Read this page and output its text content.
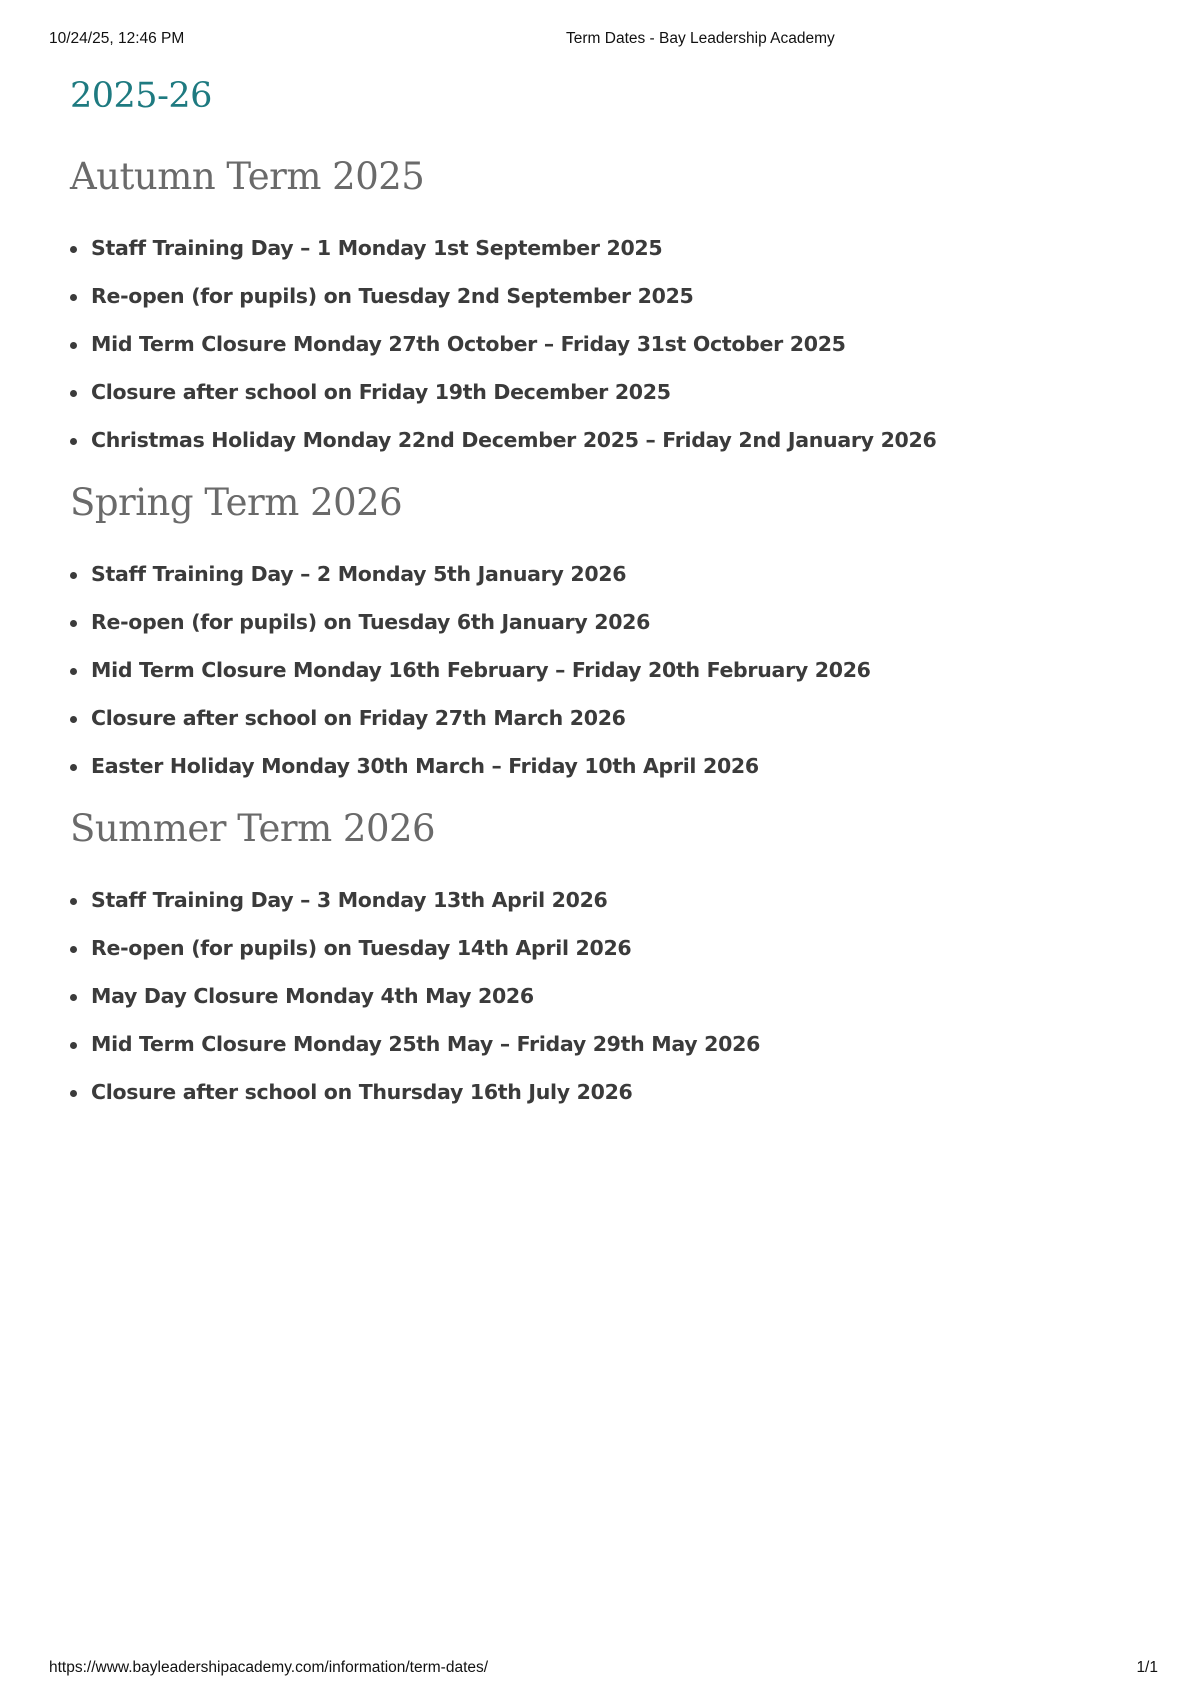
10/24/25, 12:46 PM	Term Dates - Bay Leadership Academy
2025-26
Autumn Term 2025
Staff Training Day – 1 Monday 1st September 2025
Re-open (for pupils) on Tuesday 2nd September 2025
Mid Term Closure Monday 27th October – Friday 31st October 2025
Closure after school on Friday 19th December 2025
Christmas Holiday Monday 22nd December 2025 – Friday 2nd January 2026
Spring Term 2026
Staff Training Day – 2 Monday 5th January 2026
Re-open (for pupils) on Tuesday 6th January 2026
Mid Term Closure Monday 16th February – Friday 20th February 2026
Closure after school on Friday 27th March 2026
Easter Holiday Monday 30th March – Friday 10th April 2026
Summer Term 2026
Staff Training Day – 3 Monday 13th April 2026
Re-open (for pupils) on Tuesday 14th April 2026
May Day Closure Monday 4th May 2026
Mid Term Closure Monday 25th May – Friday 29th May 2026
Closure after school on Thursday 16th July 2026
https://www.bayleadershipacademy.com/information/term-dates/	1/1
